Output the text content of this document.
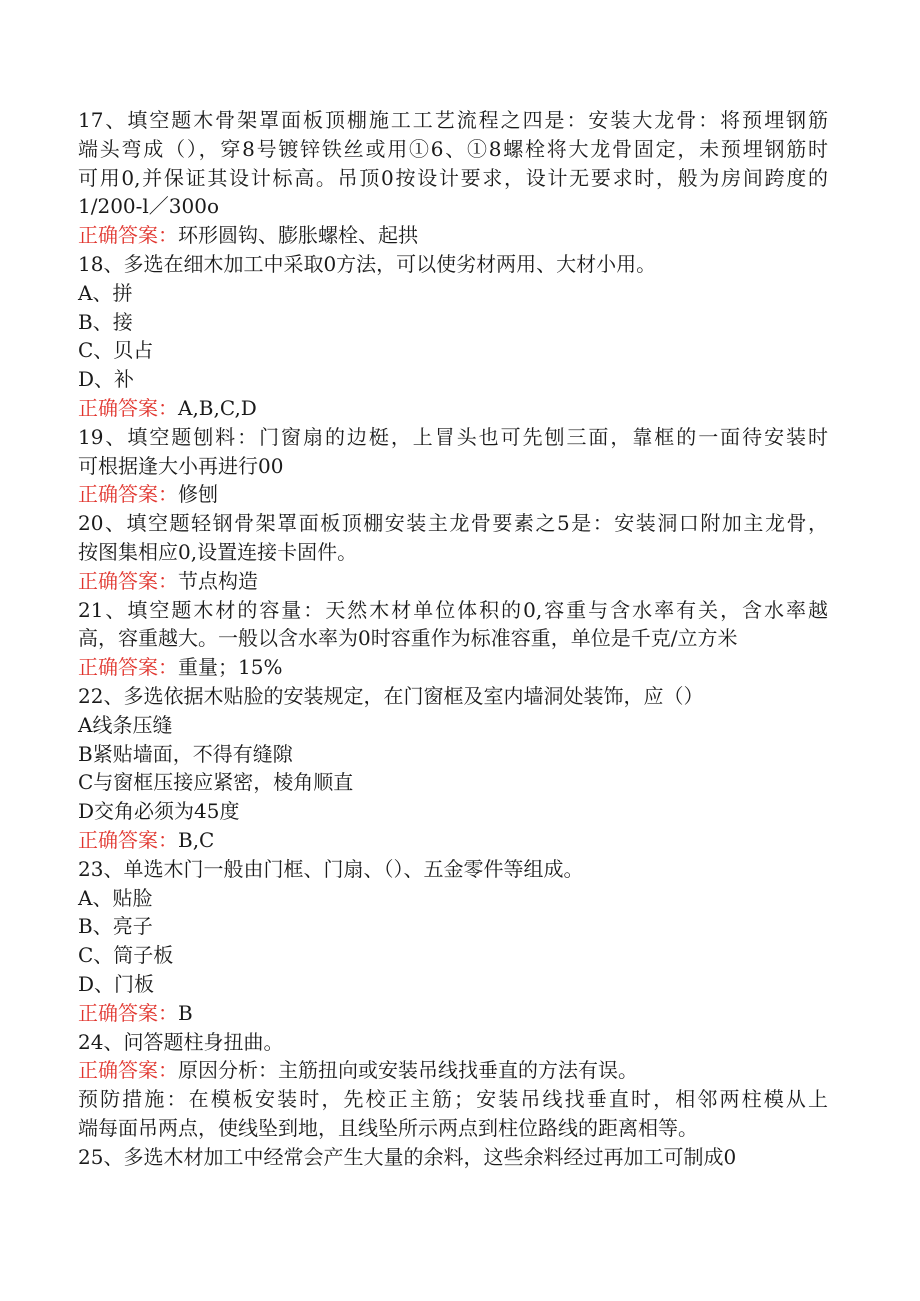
17、填空题木骨架罩面板顶棚施工工艺流程之四是：安装大龙骨：将预埋钢筋
端头弯成（），穿8号镀锌铁丝或用①6、①8螺栓将大龙骨固定，未预埋钢筋时
可用0,并保证其设计标高。吊顶0按设计要求，设计无要求时，般为房间跨度的
1/200-l／300o
正确答案：环形圆钩、膨胀螺栓、起拱
18、多选在细木加工中采取0方法，可以使劣材两用、大材小用。
A、拼
B、接
C、贝占
D、补
正确答案：A,B,C,D
19、填空题刨料：门窗扇的边梃，上冒头也可先刨三面，靠框的一面待安装时
可根据逢大小再进行00
正确答案：修刨
20、填空题轻钢骨架罩面板顶棚安装主龙骨要素之5是：安装洞口附加主龙骨，
按图集相应0,设置连接卡固件。
正确答案：节点构造
21、填空题木材的容量：天然木材单位体积的0,容重与含水率有关，含水率越
高，容重越大。一般以含水率为0时容重作为标准容重，单位是千克/立方米
正确答案：重量；15%
22、多选依据木贴脸的安装规定，在门窗框及室内墙洞处装饰，应（）
A线条压缝
B紧贴墙面，不得有缝隙
C与窗框压接应紧密，棱角顺直
D交角必须为45度
正确答案：B,C
23、单选木门一般由门框、门扇、（）、五金零件等组成。
A、贴脸
B、亮子
C、筒子板
D、门板
正确答案：B
24、问答题柱身扭曲。
正确答案：原因分析：主筋扭向或安装吊线找垂直的方法有误。
预防措施：在模板安装时，先校正主筋；安装吊线找垂直时，相邻两柱模从上
端每面吊两点，使线坠到地，且线坠所示两点到柱位路线的距离相等。
25、多选木材加工中经常会产生大量的余料，这些余料经过再加工可制成0
